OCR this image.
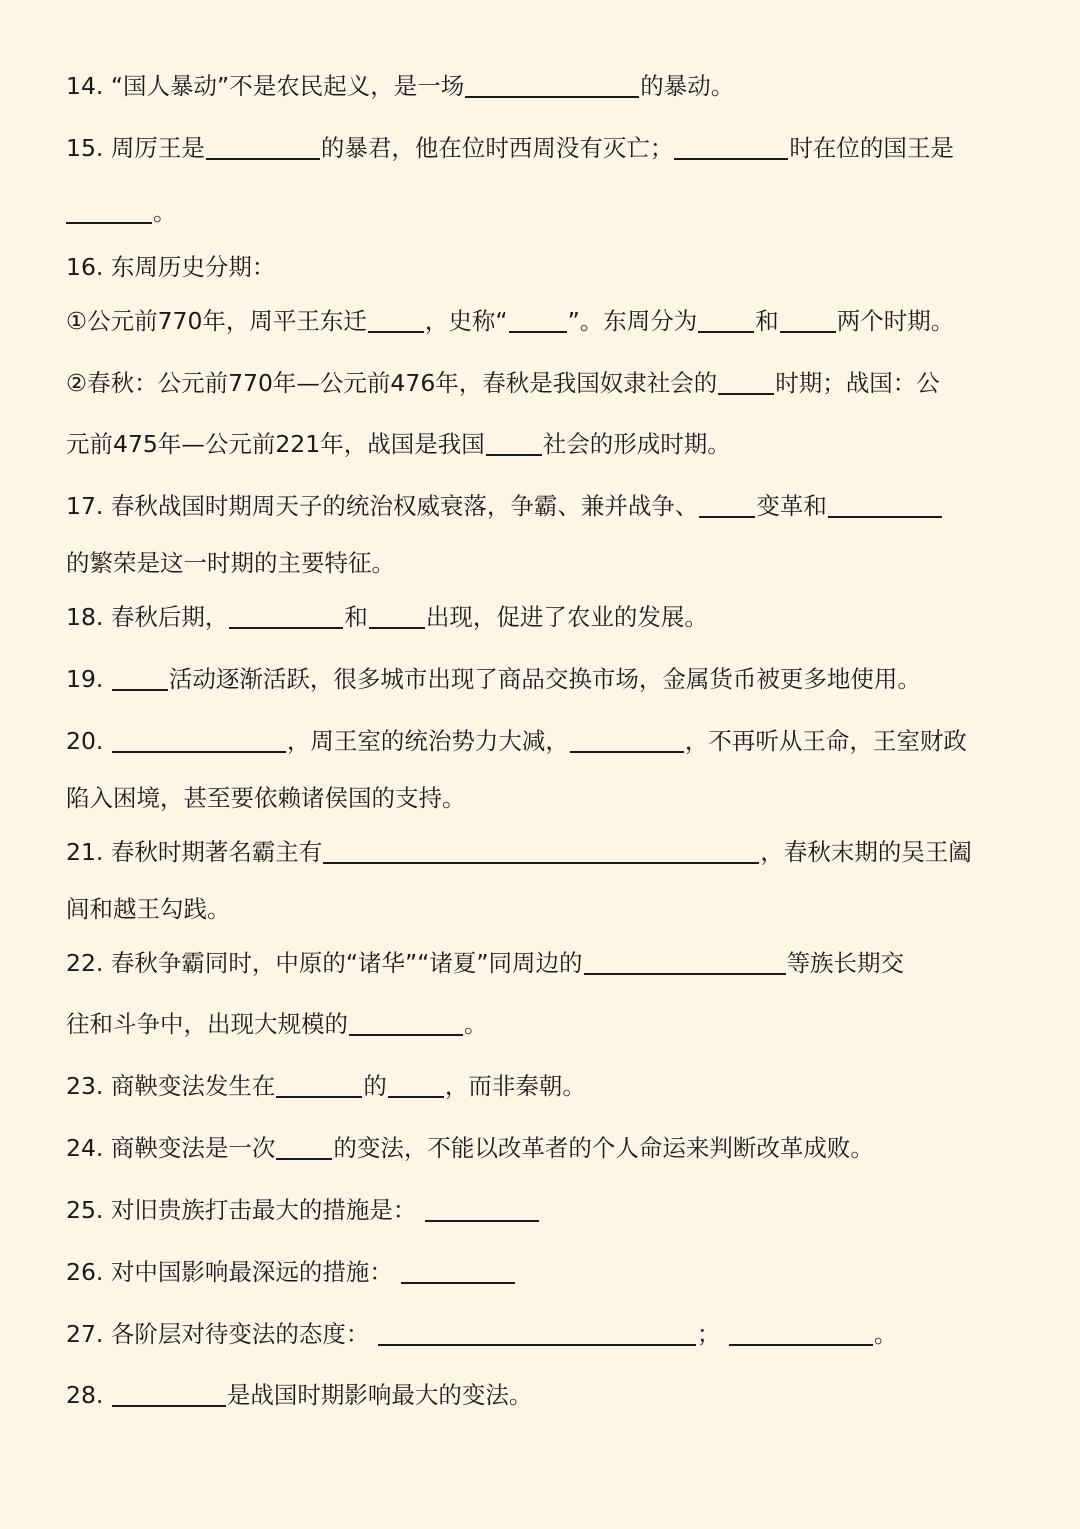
14. “国人暴动”不是农民起义，是一场	的暴动。
15. 周厉王是	的暴君，他在位时西周没有灭亡；	时在位的国王是
。
16. 东周历史分期：
①公元前770年，周平王东迁 ，史称“	”。东周分为 和 两个时期。
②春秋：公元前770年—公元前476年，春秋是我国奴隶社会的 时期；战国：公
元前475年—公元前221年，战国是我国 社会的形成时期。
17. 春秋战国时期周天子的统治权威衰落，争霸、兼并战争、 变革和
的繁荣是这一时期的主要特征。
18. 春秋后期，	和 出现，促进了农业的发展。
19.	活动逐渐活跃，很多城市出现了商品交换市场，金属货币被更多地使用。
20.	，周王室的统治势力大减，	，不再听从王命，王室财政
陷入困境，甚至要依赖诸侯国的支持。
21. 春秋时期著名霸主有	，春秋末期的吴王阖
闾和越王勾践。
22. 春秋争霸同时，中原的“诸华”“诸夏”同周边的	等族长期交
往和斗争中，出现大规模的	。
23. 商鞅变法发生在	的 ，而非秦朝。
24. 商鞅变法是一次 的变法，不能以改革者的个人命运来判断改革成败。
25. 对旧贵族打击最大的措施是：
26. 对中国影响最深远的措施：
27. 各阶层对待变法的态度：	；	。
28.	是战国时期影响最大的变法。
